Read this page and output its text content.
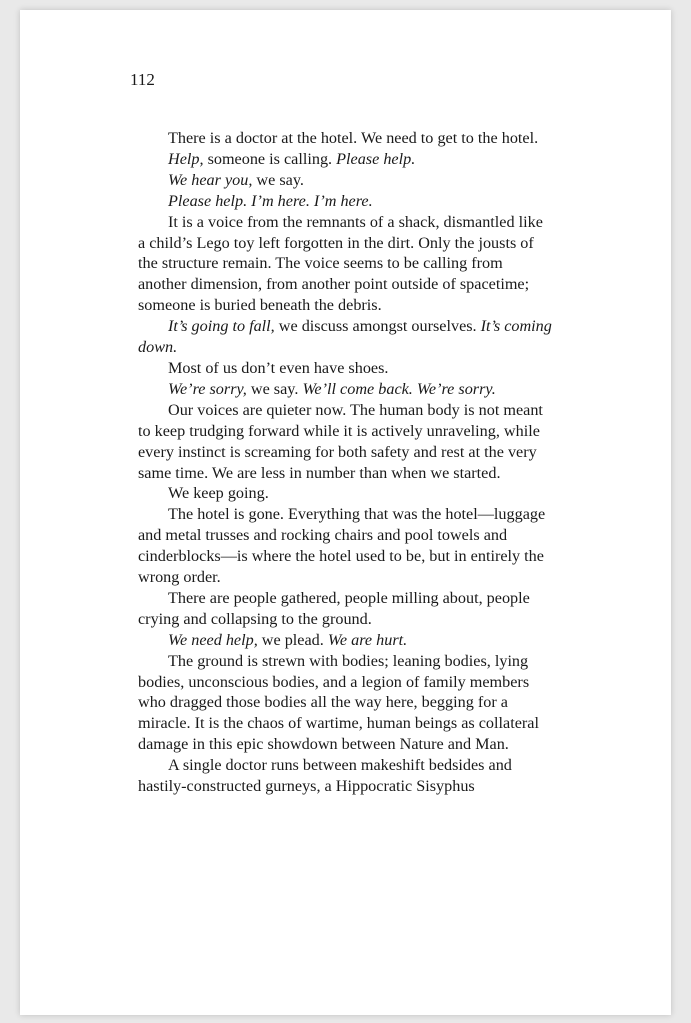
112

There is a doctor at the hotel. We need to get to the hotel.

Help, someone is calling. Please help.

We hear you, we say.

Please help. I’m here. I’m here.

It is a voice from the remnants of a shack, dismantled like a child’s Lego toy left forgotten in the dirt. Only the jousts of the structure remain. The voice seems to be calling from another dimension, from another point outside of spacetime; someone is buried beneath the debris.

It’s going to fall, we discuss amongst ourselves. It’s coming down.

Most of us don’t even have shoes.

We’re sorry, we say. We’ll come back. We’re sorry.

Our voices are quieter now. The human body is not meant to keep trudging forward while it is actively unraveling, while every instinct is screaming for both safety and rest at the very same time. We are less in number than when we started.

We keep going.

The hotel is gone. Everything that was the hotel—luggage and metal trusses and rocking chairs and pool towels and cinderblocks—is where the hotel used to be, but in entirely the wrong order.

There are people gathered, people milling about, people crying and collapsing to the ground.

We need help, we plead. We are hurt.

The ground is strewn with bodies; leaning bodies, lying bodies, unconscious bodies, and a legion of family members who dragged those bodies all the way here, begging for a miracle. It is the chaos of wartime, human beings as collateral damage in this epic showdown between Nature and Man.

A single doctor runs between makeshift bedsides and hastily-constructed gurneys, a Hippocratic Sisyphus
